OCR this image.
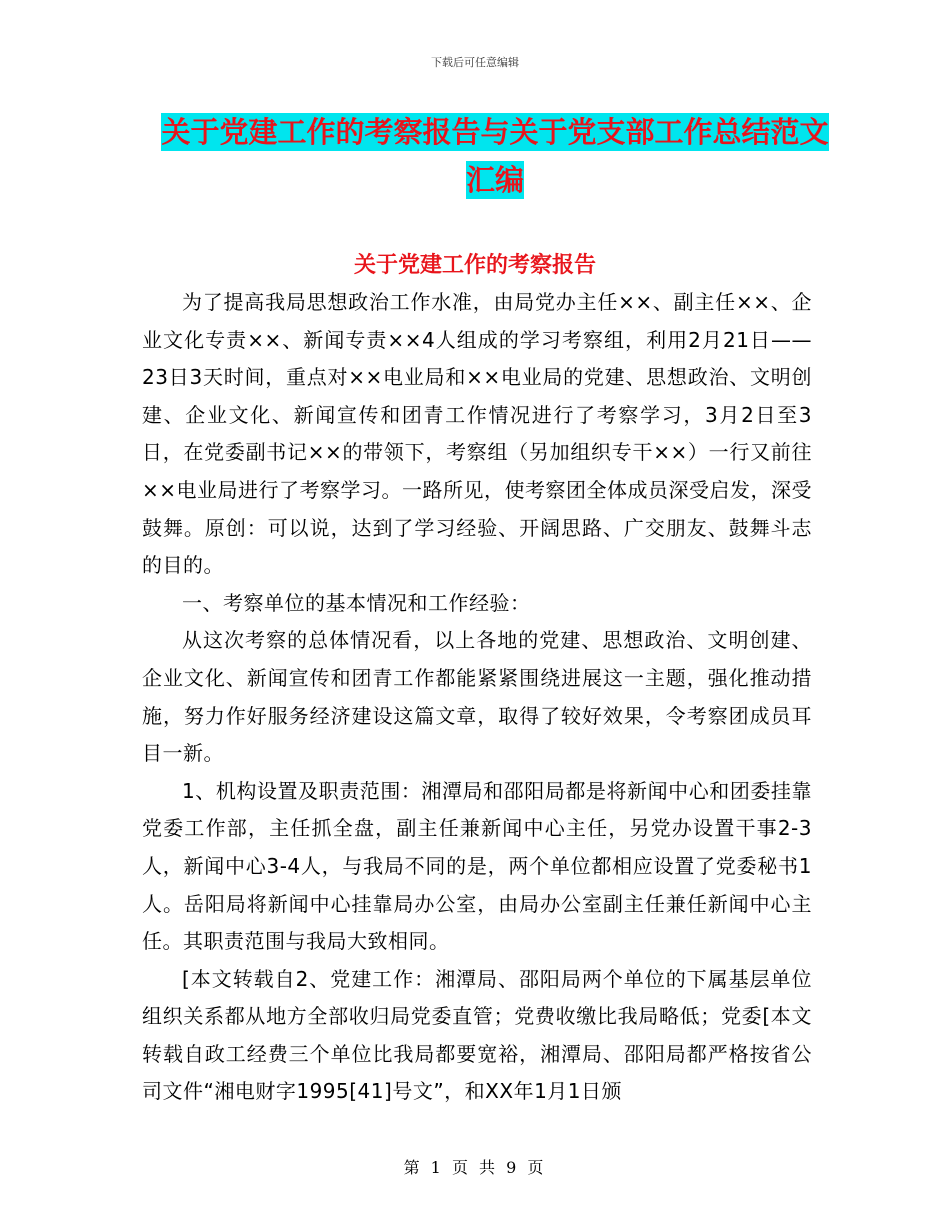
下载后可任意编辑
关于党建工作的考察报告与关于党支部工作总结范文汇编
关于党建工作的考察报告

为了提高我局思想政治工作水准，由局党办主任××、副主任××、企业文化专责××、新闻专责××4人组成的学习考察组，利用2月21日——23日3天时间，重点对××电业局和××电业局的党建、思想政治、文明创建、企业文化、新闻宣传和团青工作情况进行了考察学习，3月2日至3日，在党委副书记××的带领下，考察组（另加组织专干××）一行又前往××电业局进行了考察学习。一路所见，使考察团全体成员深受启发，深受鼓舞。原创：可以说，达到了学习经验、开阔思路、广交朋友、鼓舞斗志的目的。

一、考察单位的基本情况和工作经验：

从这次考察的总体情况看，以上各地的党建、思想政治、文明创建、企业文化、新闻宣传和团青工作都能紧紧围绕进展这一主题，强化推动措施，努力作好服务经济建设这篇文章，取得了较好效果，令考察团成员耳目一新。

1、机构设置及职责范围：湘潭局和邵阳局都是将新闻中心和团委挂靠党委工作部，主任抓全盘，副主任兼新闻中心主任，另党办设置干事2-3人，新闻中心3-4人，与我局不同的是，两个单位都相应设置了党委秘书1人。岳阳局将新闻中心挂靠局办公室，由局办公室副主任兼任新闻中心主任。其职责范围与我局大致相同。

[本文转载自2、党建工作：湘潭局、邵阳局两个单位的下属基层单位组织关系都从地方全部收归局党委直管；党费收缴比我局略低；党委[本文转载自政工经费三个单位比我局都要宽裕，湘潭局、邵阳局都严格按省公司文件“湘电财字1995[41]号文”，和XX年1月1日颁

第 1 页 共 9 页
